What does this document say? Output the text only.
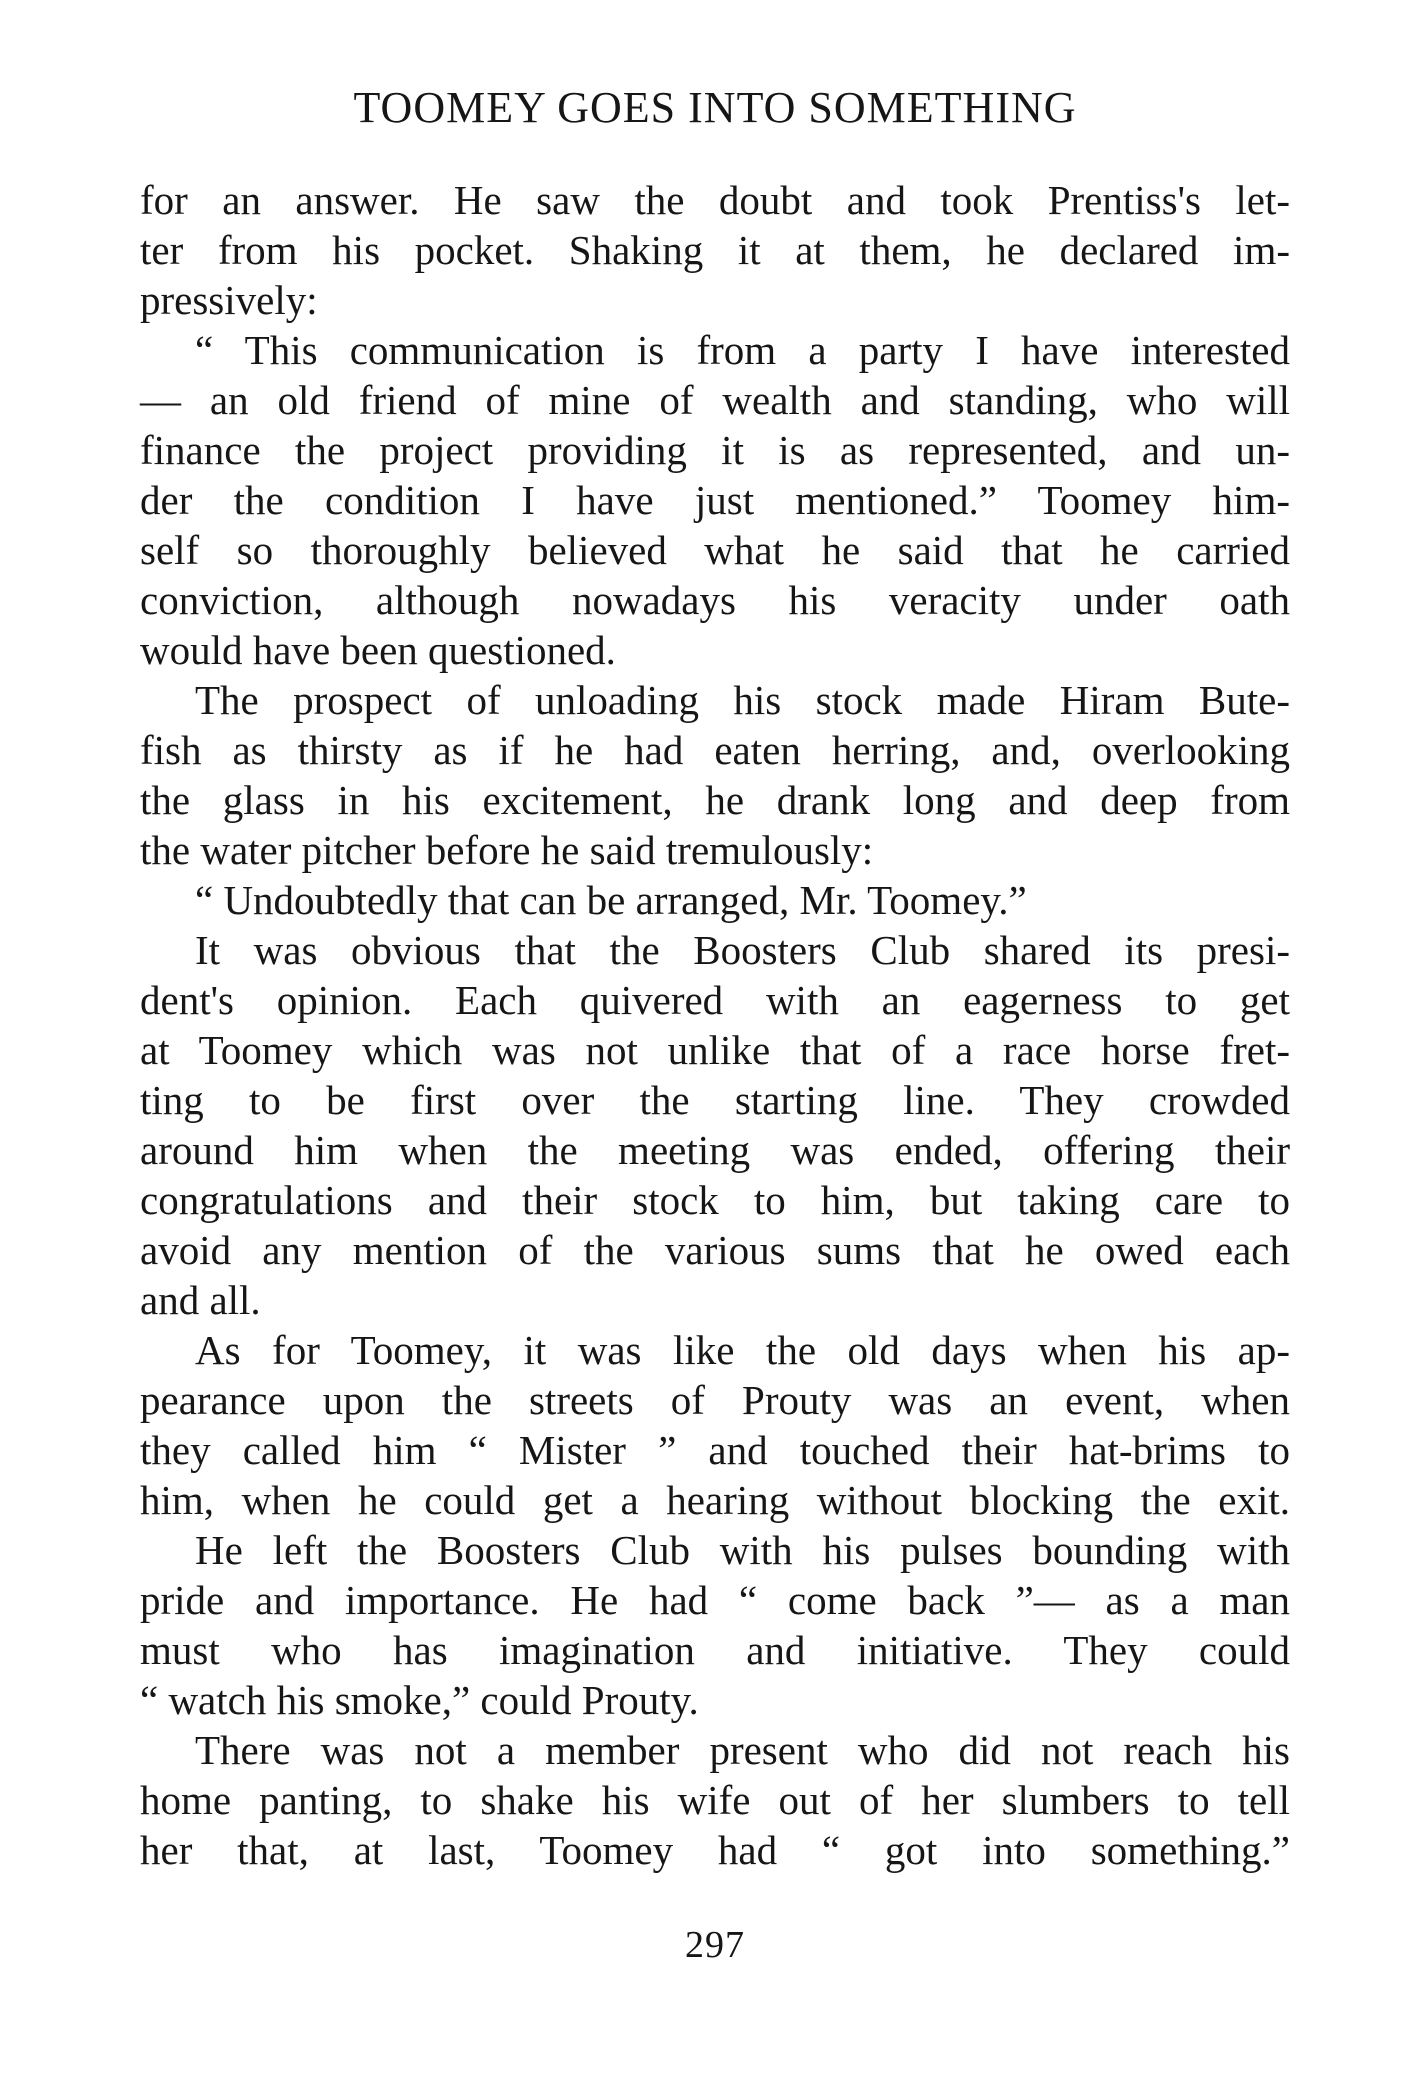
TOOMEY GOES INTO SOMETHING
for an answer. He saw the doubt and took Prentiss's let-
ter from his pocket. Shaking it at them, he declared im-
pressively:
“ This communication is from a party I have interested
— an old friend of mine of wealth and standing, who will
finance the project providing it is as represented, and un-
der the condition I have just mentioned.” Toomey him-
self so thoroughly believed what he said that he carried
conviction, although nowadays his veracity under oath
would have been questioned.
The prospect of unloading his stock made Hiram Bute-
fish as thirsty as if he had eaten herring, and, overlooking
the glass in his excitement, he drank long and deep from
the water pitcher before he said tremulously:
“ Undoubtedly that can be arranged, Mr. Toomey.”
It was obvious that the Boosters Club shared its presi-
dent's opinion. Each quivered with an eagerness to get
at Toomey which was not unlike that of a race horse fret-
ting to be first over the starting line. They crowded
around him when the meeting was ended, offering their
congratulations and their stock to him, but taking care to
avoid any mention of the various sums that he owed each
and all.
As for Toomey, it was like the old days when his ap-
pearance upon the streets of Prouty was an event, when
they called him “ Mister ” and touched their hat-brims to
him, when he could get a hearing without blocking the exit.
He left the Boosters Club with his pulses bounding with
pride and importance. He had “ come back ”— as a man
must who has imagination and initiative. They could
“ watch his smoke,” could Prouty.
There was not a member present who did not reach his
home panting, to shake his wife out of her slumbers to tell
her that, at last, Toomey had “ got into something.”
297
